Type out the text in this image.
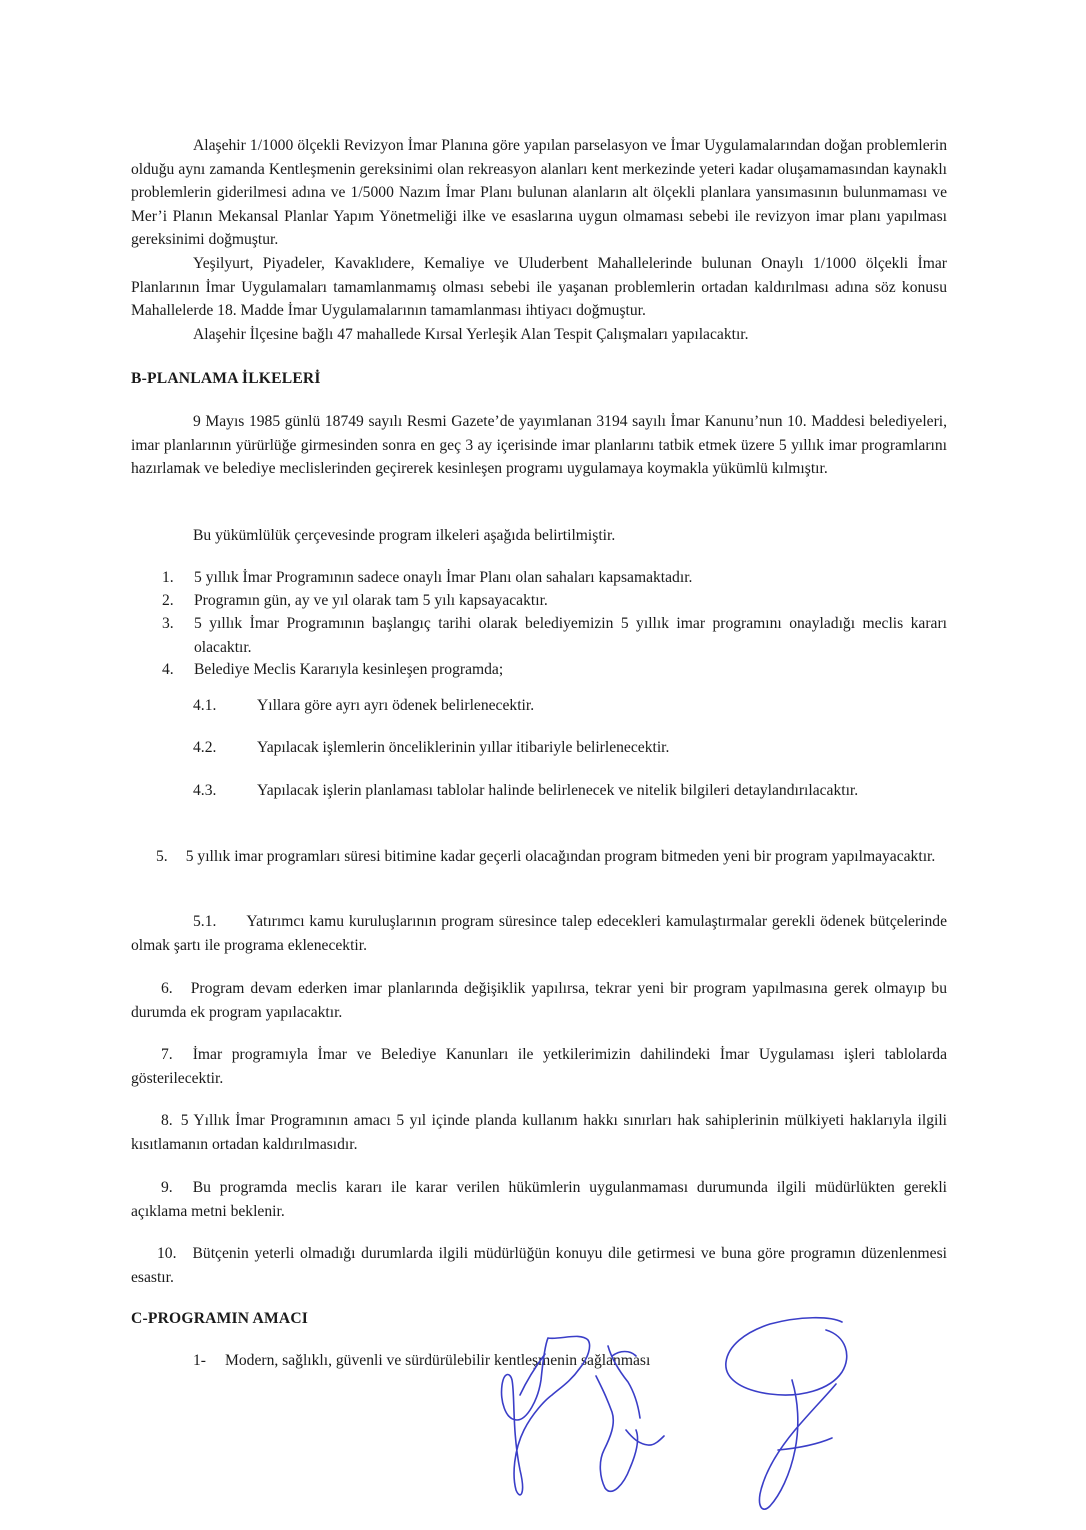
Alaşehir 1/1000 ölçekli Revizyon İmar Planına göre yapılan parselasyon ve İmar Uygulamalarından doğan problemlerin olduğu aynı zamanda Kentleşmenin gereksinimi olan rekreasyon alanları kent merkezinde yeteri kadar oluşamamasından kaynaklı problemlerin giderilmesi adına ve 1/5000 Nazım İmar Planı bulunan alanların alt ölçekli planlara yansımasının bulunmaması ve Mer’i Planın Mekansal Planlar Yapım Yönetmeliği ilke ve esaslarına uygun olmaması sebebi ile revizyon imar planı yapılması gereksinimi doğmuştur.

Yeşilyurt, Piyadeler, Kavaklıdere, Kemaliye ve Uluderbent Mahallelerinde bulunan Onaylı 1/1000 ölçekli İmar Planlarının İmar Uygulamaları tamamlanmamış olması sebebi ile yaşanan problemlerin ortadan kaldırılması adına söz konusu Mahallelerde 18. Madde İmar Uygulamalarının tamamlanması ihtiyacı doğmuştur.

Alaşehir İlçesine bağlı 47 mahallede Kırsal Yerleşik Alan Tespit Çalışmaları yapılacaktır.

B-PLANLAMA İLKELERİ

9 Mayıs 1985 günlü 18749 sayılı Resmi Gazete’de yayımlanan 3194 sayılı İmar Kanunu’nun 10. Maddesi belediyeleri, imar planlarının yürürlüğe girmesinden sonra en geç 3 ay içerisinde imar planlarını tatbik etmek üzere 5 yıllık imar programlarını hazırlamak ve belediye meclislerinden geçirerek kesinleşen programı uygulamaya koymakla yükümlü kılmıştır.

Bu yükümlülük çerçevesinde program ilkeleri aşağıda belirtilmiştir.

1. 5 yıllık İmar Programının sadece onaylı İmar Planı olan sahaları kapsamaktadır.
2. Programın gün, ay ve yıl olarak tam 5 yılı kapsayacaktır.
3. 5 yıllık İmar Programının başlangıç tarihi olarak belediyemizin 5 yıllık imar programını onayladığı meclis kararı olacaktır.
4. Belediye Meclis Kararıyla kesinleşen programda;
4.1.	Yıllara göre ayrı ayrı ödenek belirlenecektir.
4.2.	Yapılacak işlemlerin önceliklerinin yıllar itibariyle belirlenecektir.

4.3.	Yapılacak işlerin planlaması tablolar halinde belirlenecek ve nitelik bilgileri detaylandırılacaktır.

5. 5 yıllık imar programları süresi bitimine kadar geçerli olacağından program bitmeden yeni bir program yapılmayacaktır.

5.1. Yatırımcı kamu kuruluşlarının program süresince talep edecekleri kamulaştırmalar gerekli ödenek bütçelerinde olmak şartı ile programa eklenecektir.

6. Program devam ederken imar planlarında değişiklik yapılırsa, tekrar yeni bir program yapılmasına gerek olmayıp bu durumda ek program yapılacaktır.

7. İmar programıyla İmar ve Belediye Kanunları ile yetkilerimizin dahilindeki İmar Uygulaması işleri tablolarda gösterilecektir.

8. 5 Yıllık İmar Programının amacı 5 yıl içinde planda kullanım hakkı sınırları hak sahiplerinin mülkiyeti haklarıyla ilgili kısıtlamanın ortadan kaldırılmasıdır.

9. Bu programda meclis kararı ile karar verilen hükümlerin uygulanmaması durumunda ilgili müdürlükten gerekli açıklama metni beklenir.

10. Bütçenin yeterli olmadığı durumlarda ilgili müdürlüğün konuyu dile getirmesi ve buna göre programın düzenlenmesi esastır.

C-PROGRAMIN AMACI

1- Modern, sağlıklı, güvenli ve sürdürülebilir kentleşmenin sağlanması
